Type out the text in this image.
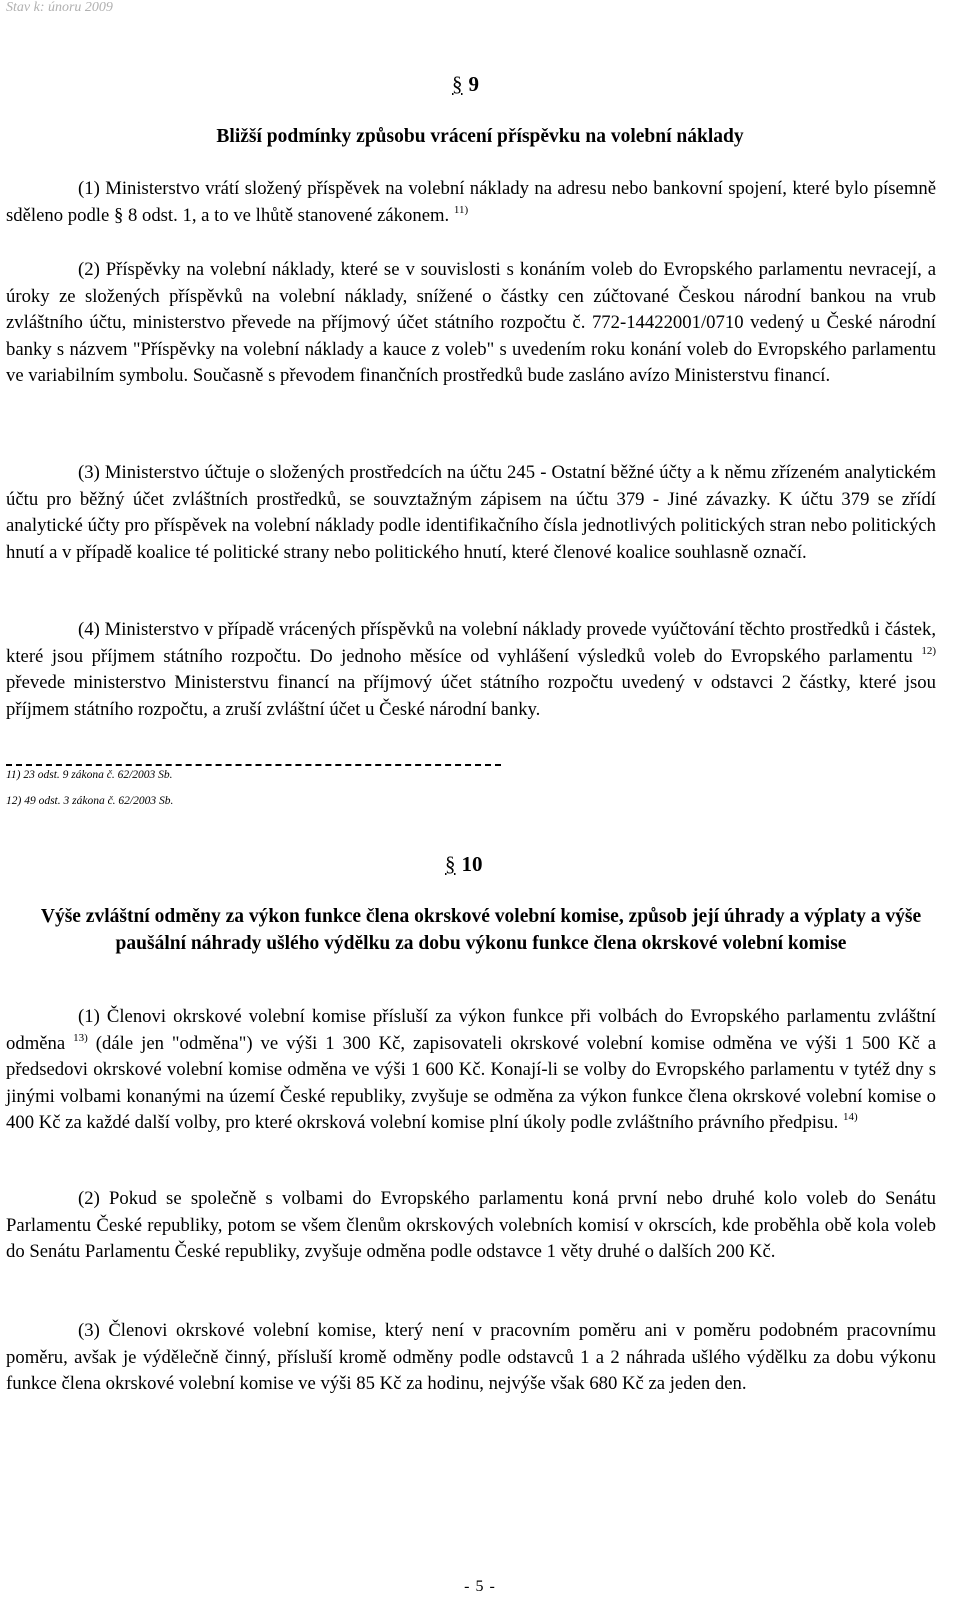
Stav k: únoru 2009
§ 9
Bližší podmínky způsobu vrácení příspěvku na volební náklady
(1) Ministerstvo vrátí složený příspěvek na volební náklady na adresu nebo bankovní spojení, které bylo písemně sděleno podle § 8 odst. 1, a to ve lhůtě stanovené zákonem. $^{11)}$
(2) Příspěvky na volební náklady, které se v souvislosti s konáním voleb do Evropského parlamentu nevracejí, a úroky ze složených příspěvků na volební náklady, snížené o částky cen zúčtované Českou národní bankou na vrub zvláštního účtu, ministerstvo převede na příjmový účet státního rozpočtu č. 772-14422001/0710 vedený u České národní banky s názvem "Příspěvky na volební náklady a kauce z voleb" s uvedením roku konání voleb do Evropského parlamentu ve variabilním symbolu. Současně s převodem finančních prostředků bude zasláno avízo Ministerstvu financí.
(3) Ministerstvo účtuje o složených prostředcích na účtu 245 - Ostatní běžné účty a k němu zřízeném analytickém účtu pro běžný účet zvláštních prostředků, se souvztažným zápisem na účtu 379 - Jiné závazky. K účtu 379 se zřídí analytické účty pro příspěvek na volební náklady podle identifikačního čísla jednotlivých politických stran nebo politických hnutí a v případě koalice té politické strany nebo politického hnutí, které členové koalice souhlasně označí.
(4) Ministerstvo v případě vrácených příspěvků na volební náklady provede vyúčtování těchto prostředků i částek, které jsou příjmem státního rozpočtu. Do jednoho měsíce od vyhlášení výsledků voleb do Evropského parlamentu $^{12)}$ převede ministerstvo Ministerstvu financí na příjmový účet státního rozpočtu uvedený v odstavci 2 částky, které jsou příjmem státního rozpočtu, a zruší zvláštní účet u České národní banky.
11) 23 odst. 9 zákona č. 62/2003 Sb.
12) 49 odst. 3 zákona č. 62/2003 Sb.
§ 10
Výše zvláštní odměny za výkon funkce člena okrskové volební komise, způsob její úhrady a výplaty a výše paušální náhrady ušlého výdělku za dobu výkonu funkce člena okrskové volební komise
(1) Členovi okrskové volební komise přísluší za výkon funkce při volbách do Evropského parlamentu zvláštní odměna $^{13)}$ (dále jen "odměna") ve výši 1 300 Kč, zapisovateli okrskové volební komise odměna ve výši 1 500 Kč a předsedovi okrskové volební komise odměna ve výši 1 600 Kč. Konají-li se volby do Evropského parlamentu v tytéž dny s jinými volbami konanými na území České republiky, zvyšuje se odměna za výkon funkce člena okrskové volební komise o 400 Kč za každé další volby, pro které okrsková volební komise plní úkoly podle zvláštního právního předpisu. $^{14)}$
(2) Pokud se společně s volbami do Evropského parlamentu koná první nebo druhé kolo voleb do Senátu Parlamentu České republiky, potom se všem členům okrskových volebních komisí v okrscích, kde proběhla obě kola voleb do Senátu Parlamentu České republiky, zvyšuje odměna podle odstavce 1 věty druhé o dalších 200 Kč.
(3) Členovi okrskové volební komise, který není v pracovním poměru ani v poměru podobném pracovnímu poměru, avšak je výdělečně činný, přísluší kromě odměny podle odstavců 1 a 2 náhrada ušlého výdělku za dobu výkonu funkce člena okrskové volební komise ve výši 85 Kč za hodinu, nejvýše však 680 Kč za jeden den.
- 5 -
